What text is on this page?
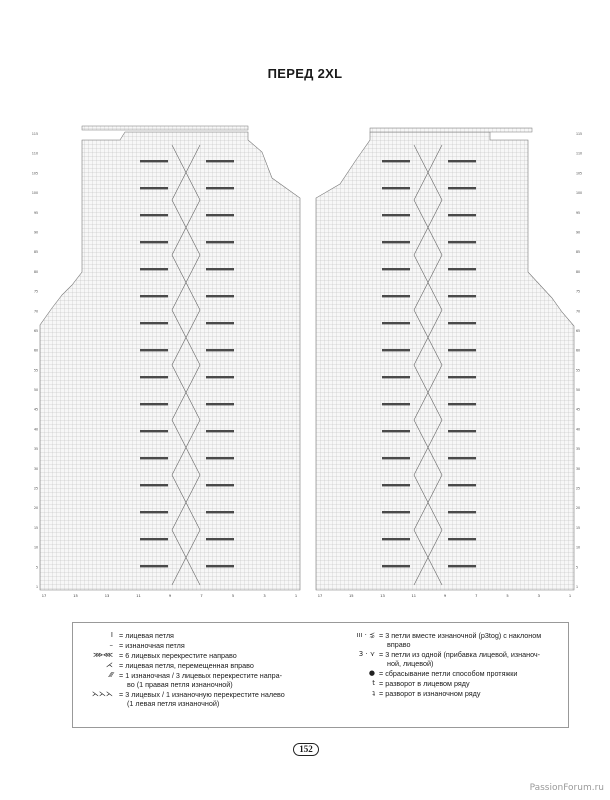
ПЕРЕД 2XL
17	15	13	11	9	7	5	3	1	17	15	13	11	9	7	5	3	1
115
110
105
100
95
90
85
80
75
70
65
60
55
50
45
40
35
30
25
20
15
10
5
1
115
110
105
100
95
90
85
80
75
70
65
60
55
50
45
40
35
30
25
20
15
10
5
1
I = лицевая петля
– = изнаночная петля
⋙⋘ = 6 лицевых перекрестите направо
⋌ = лицевая петля, перемещенная вправо
⁄⁄⁄ = 1 изнаночная / 3 лицевых перекрестите напра-
во (1 правая петля изнаночной)
⋋⋋⋋ = 3 лицевых / 1 изнаночную перекрестите налево
(1 левая петля изнаночной)
ııı · ⋨ = 3 петли вместе изнаночной (p3tog) с наклоном
вправо
3 · ⋎ = 3 петли из одной (прибавка лицевой, изнаноч-
ной, лицевой)
● = сбрасывание петли способом протяжки
t = разворот в лицевом ряду
ʇ = разворот в изнаночном ряду
152
PassionForum.ru
